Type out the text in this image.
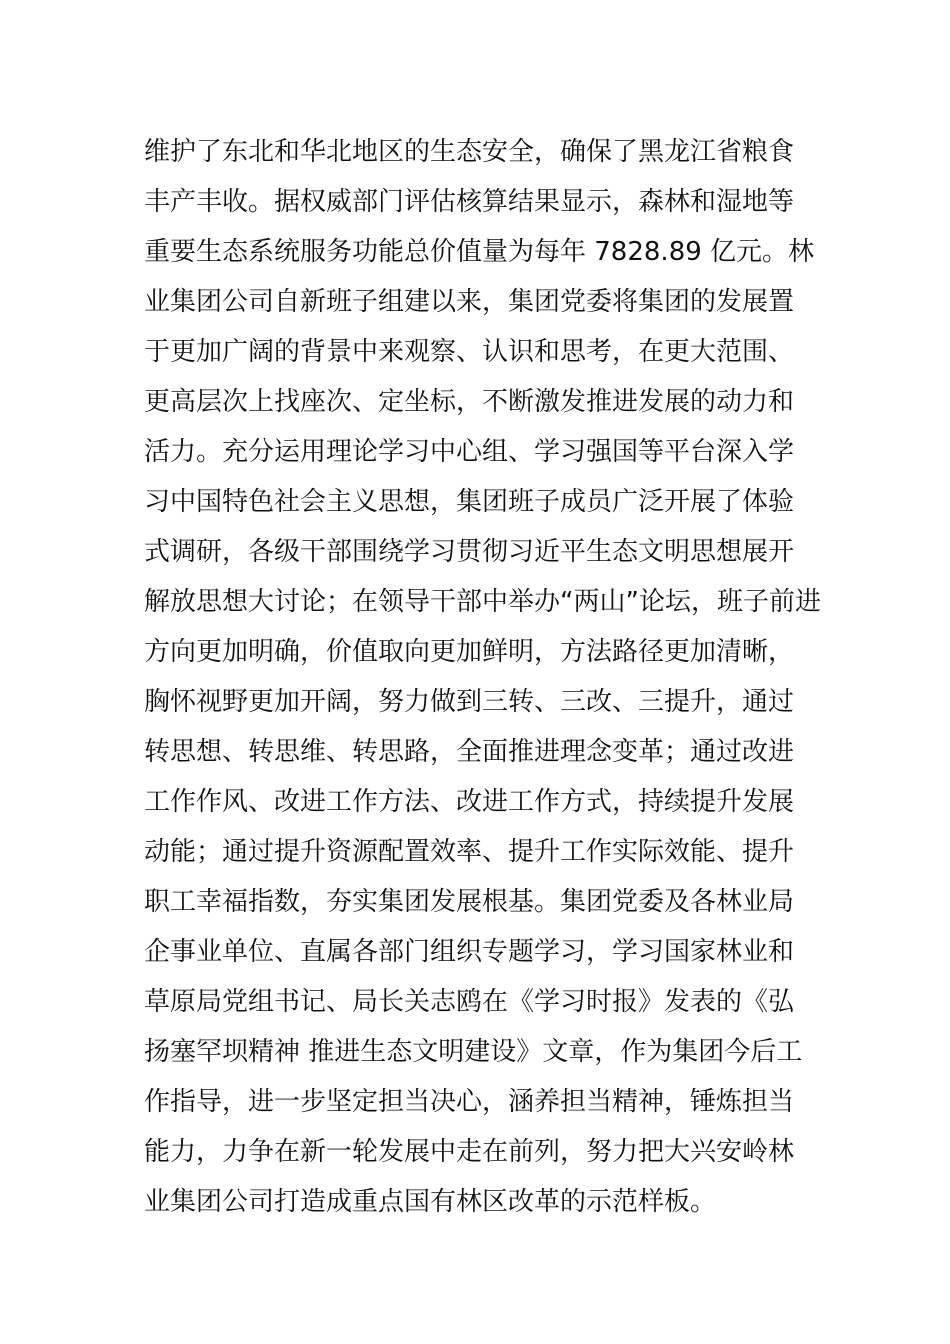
维护了东北和华北地区的生态安全，确保了黑龙江省粮食
丰产丰收。据权威部门评估核算结果显示，森林和湿地等
重要生态系统服务功能总价值量为每年 7828.89 亿元。林
业集团公司自新班子组建以来，集团党委将集团的发展置
于更加广阔的背景中来观察、认识和思考，在更大范围、
更高层次上找座次、定坐标，不断激发推进发展的动力和
活力。充分运用理论学习中心组、学习强国等平台深入学
习中国特色社会主义思想，集团班子成员广泛开展了体验
式调研，各级干部围绕学习贯彻习近平生态文明思想展开
解放思想大讨论；在领导干部中举办“两山”论坛，班子前进
方向更加明确，价值取向更加鲜明，方法路径更加清晰，
胸怀视野更加开阔，努力做到三转、三改、三提升，通过
转思想、转思维、转思路，全面推进理念变革；通过改进
工作作风、改进工作方法、改进工作方式，持续提升发展
动能；通过提升资源配置效率、提升工作实际效能、提升
职工幸福指数，夯实集团发展根基。集团党委及各林业局
企事业单位、直属各部门组织专题学习，学习国家林业和
草原局党组书记、局长关志鸥在《学习时报》发表的《弘
扬塞罕坝精神 推进生态文明建设》文章，作为集团今后工
作指导，进一步坚定担当决心，涵养担当精神，锤炼担当
能力，力争在新一轮发展中走在前列，努力把大兴安岭林
业集团公司打造成重点国有林区改革的示范样板。
